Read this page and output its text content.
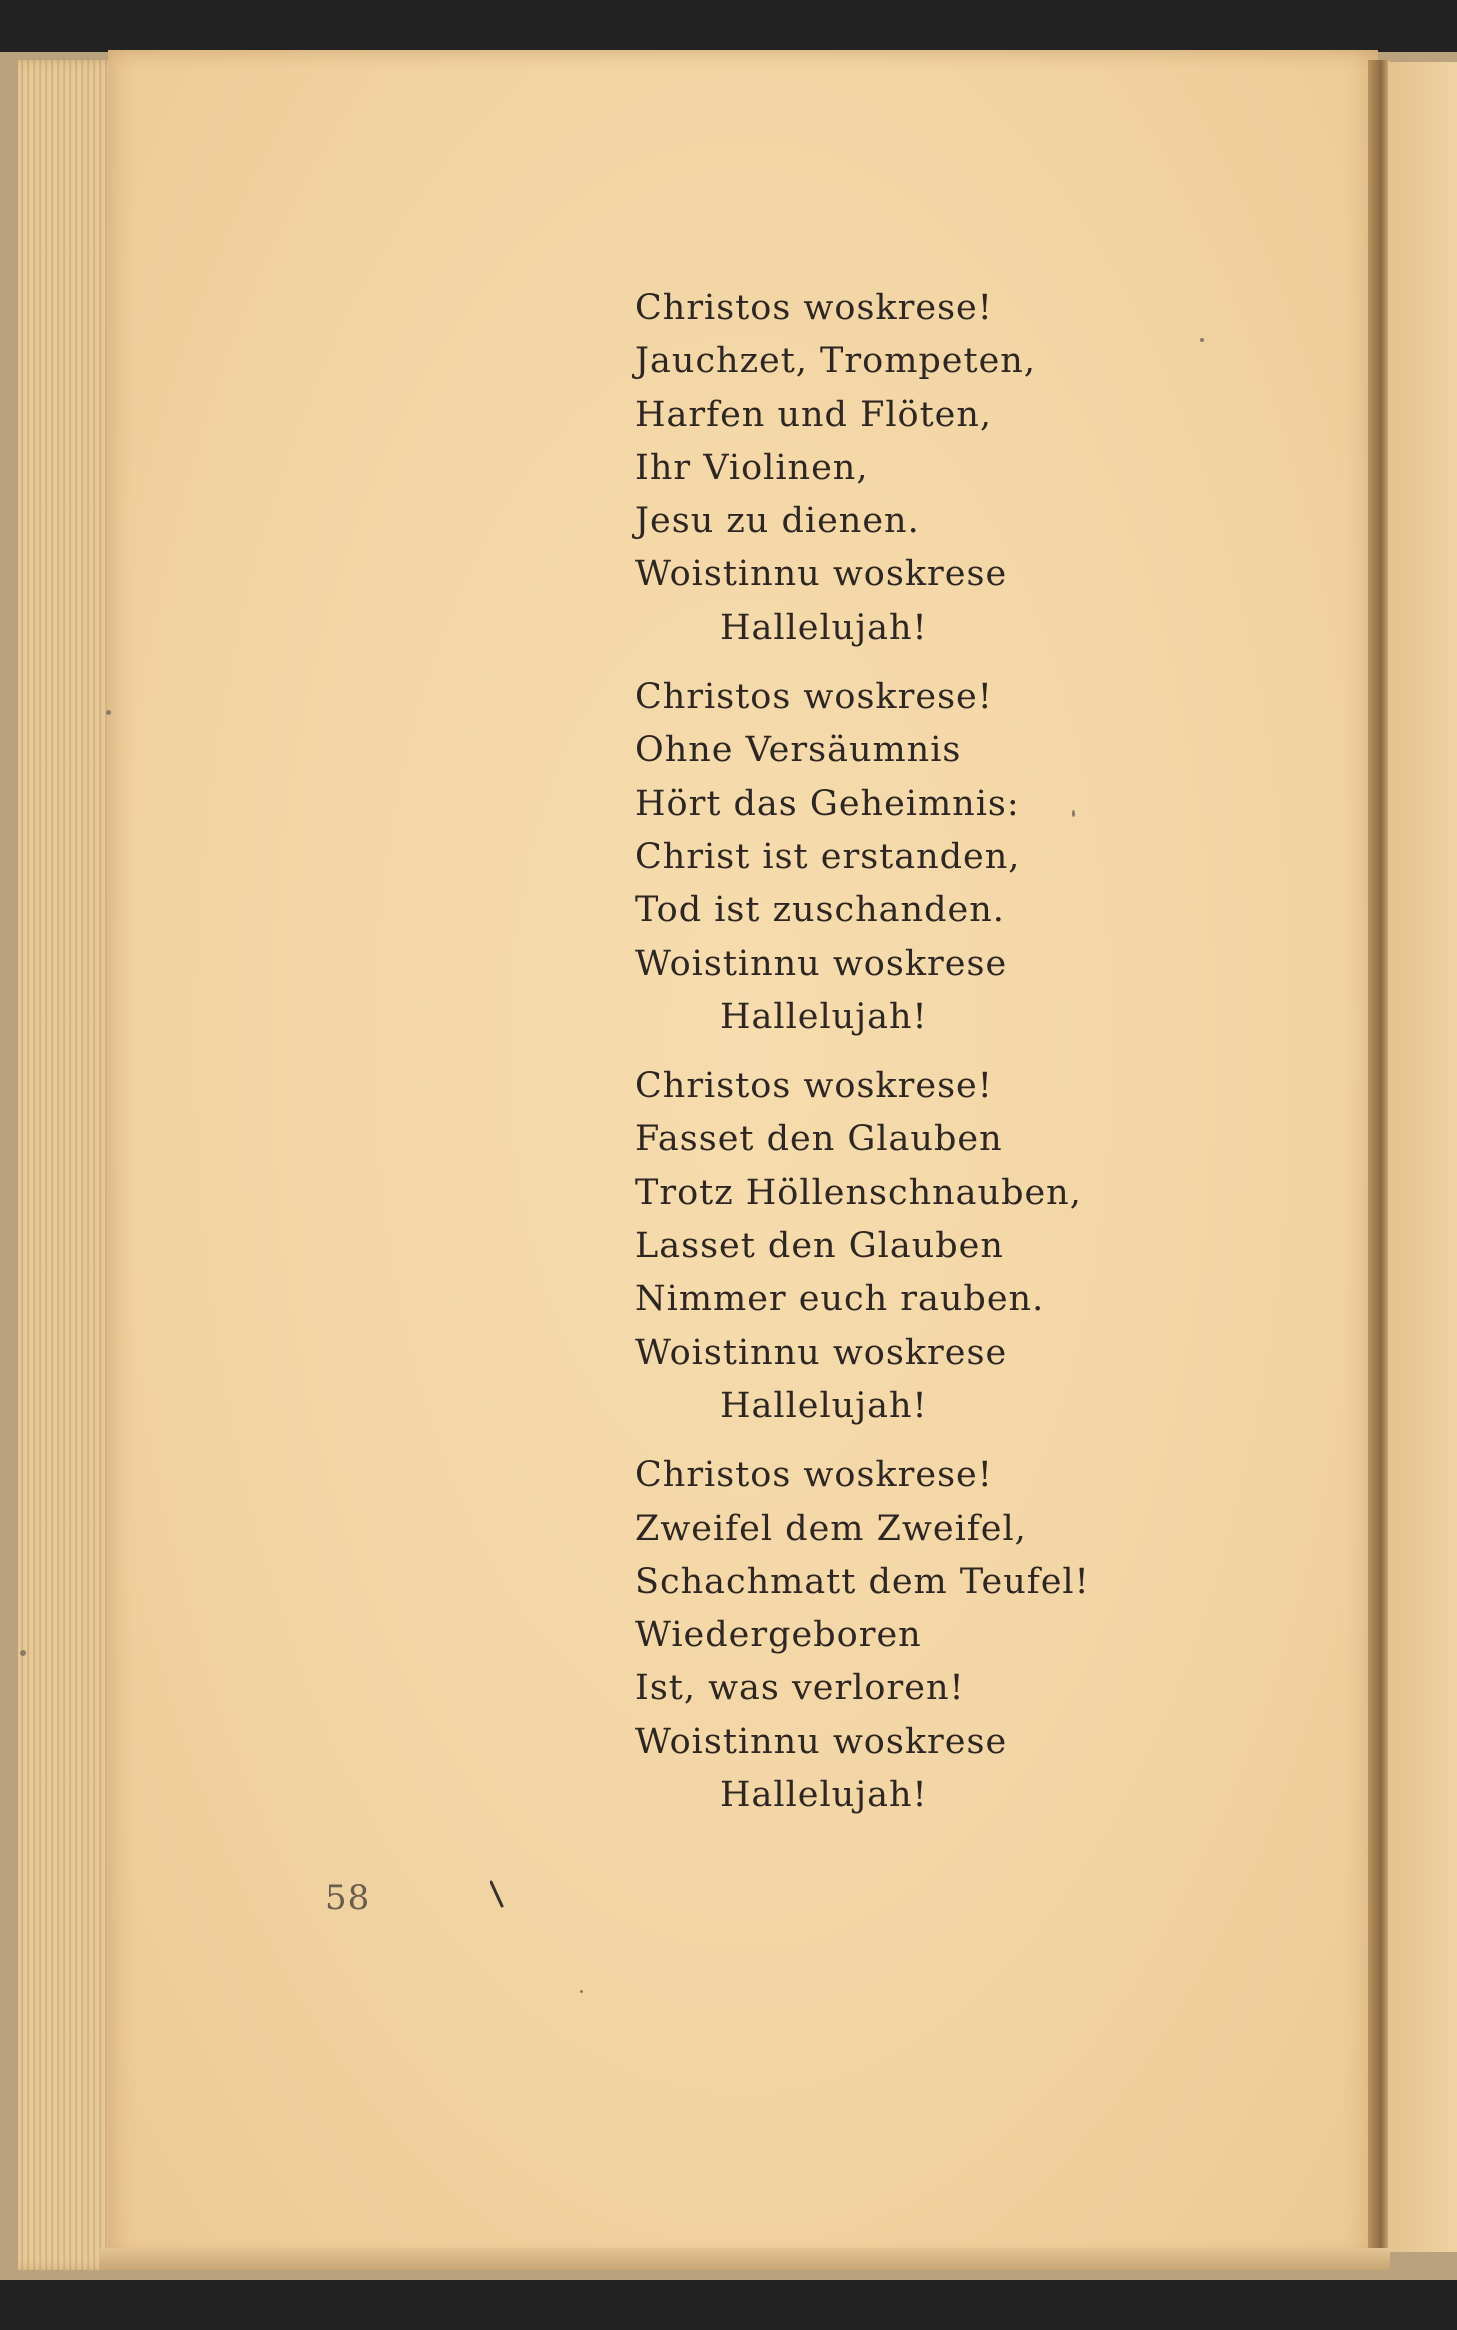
Christos woskrese!
Jauchzet, Trompeten,
Harfen und Flöten,
Ihr Violinen,
Jesu zu dienen.
Woistinnu woskrese
Hallelujah!
Christos woskrese!
Ohne Versäumnis
Hört das Geheimnis:
Christ ist erstanden,
Tod ist zuschanden.
Woistinnu woskrese
Hallelujah!
Christos woskrese!
Fasset den Glauben
Trotz Höllenschnauben,
Lasset den Glauben
Nimmer euch rauben.
Woistinnu woskrese
Hallelujah!
Christos woskrese!
Zweifel dem Zweifel,
Schachmatt dem Teufel!
Wiedergeboren
Ist, was verloren!
Woistinnu woskrese
Hallelujah!
58
